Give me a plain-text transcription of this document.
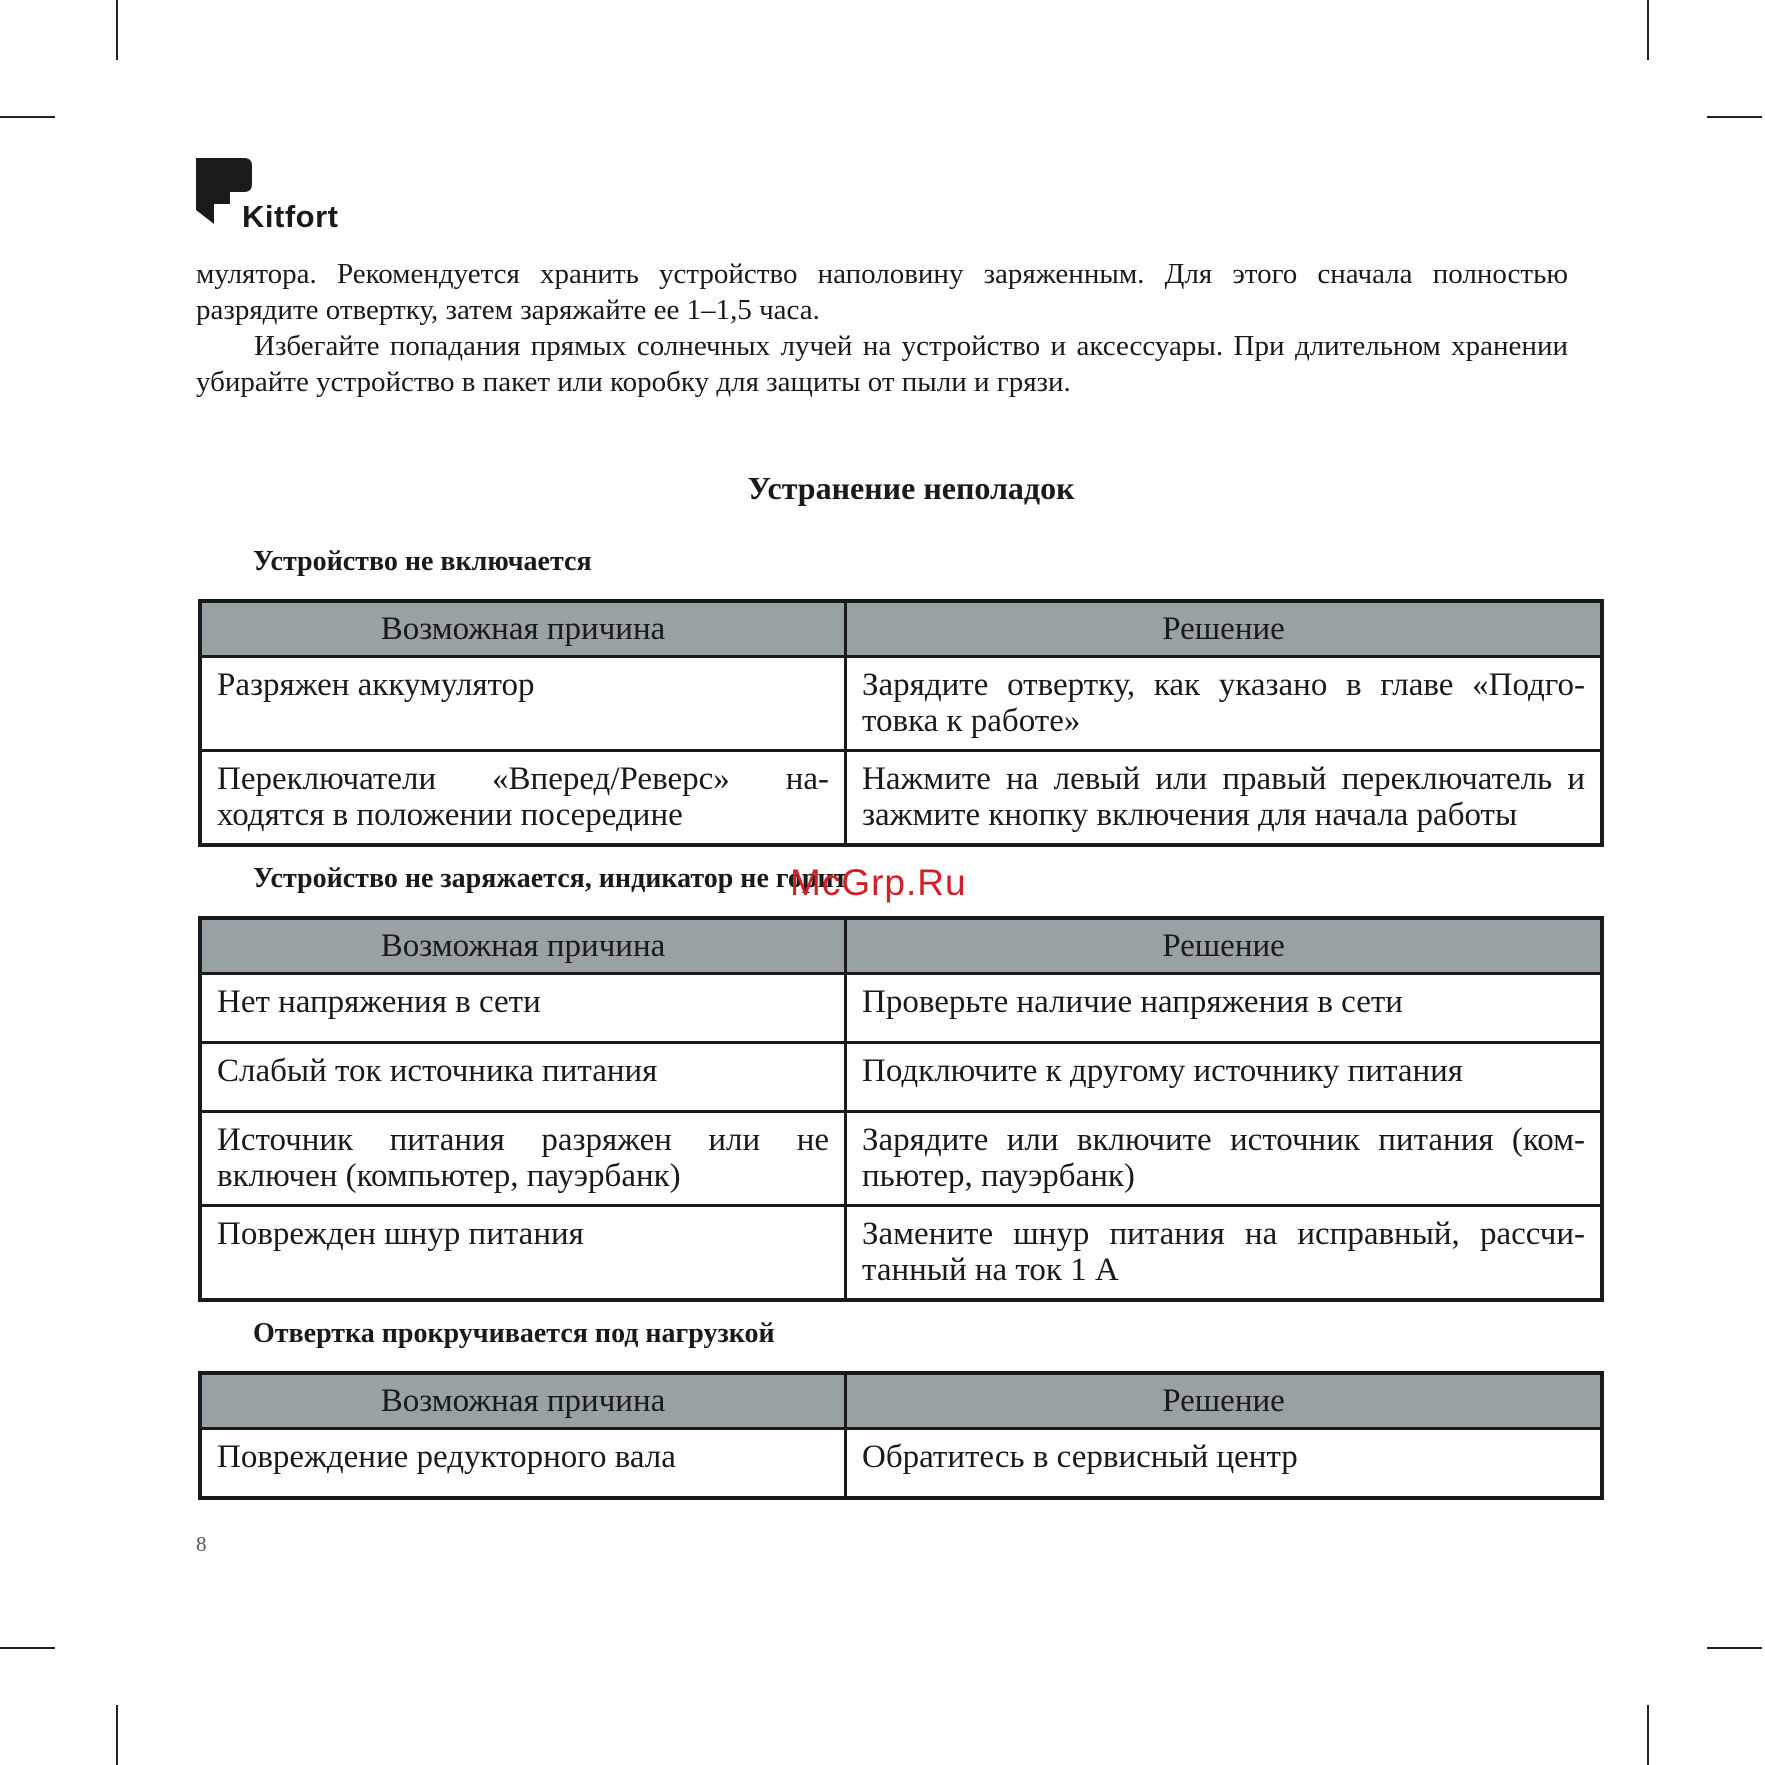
Kitfort

мулятора. Рекомендуется хранить устройство наполовину заряженным. Для этого сначала полностью разрядите отвертку, затем заряжайте ее 1–1,5 часа.

Избегайте попадания прямых солнечных лучей на устройство и аксессуары. При длительном хранении убирайте устройство в пакет или коробку для защиты от пыли и грязи.

Устранение неполадок

Устройство не включается

Возможная причина	Решение
Разряжен аккумулятор	Зарядите отвертку, как указано в главе «Подготовка к работе»
Переключатели «Вперед/Реверс» находятся в положении посередине	Нажмите на левый или правый переключатель и зажмите кнопку включения для начала работы

Устройство не заряжается, индикатор не горит

Возможная причина	Решение
Нет напряжения в сети	Проверьте наличие напряжения в сети
Слабый ток источника питания	Подключите к другому источнику питания
Источник питания разряжен или не включен (компьютер, пауэрбанк)	Зарядите или включите источник питания (компьютер, пауэрбанк)
Поврежден шнур питания	Замените шнур питания на исправный, рассчитанный на ток 1 А

Отвертка прокручивается под нагрузкой

Возможная причина	Решение
Повреждение редукторного вала	Обратитесь в сервисный центр
McGrp.Ru
8
